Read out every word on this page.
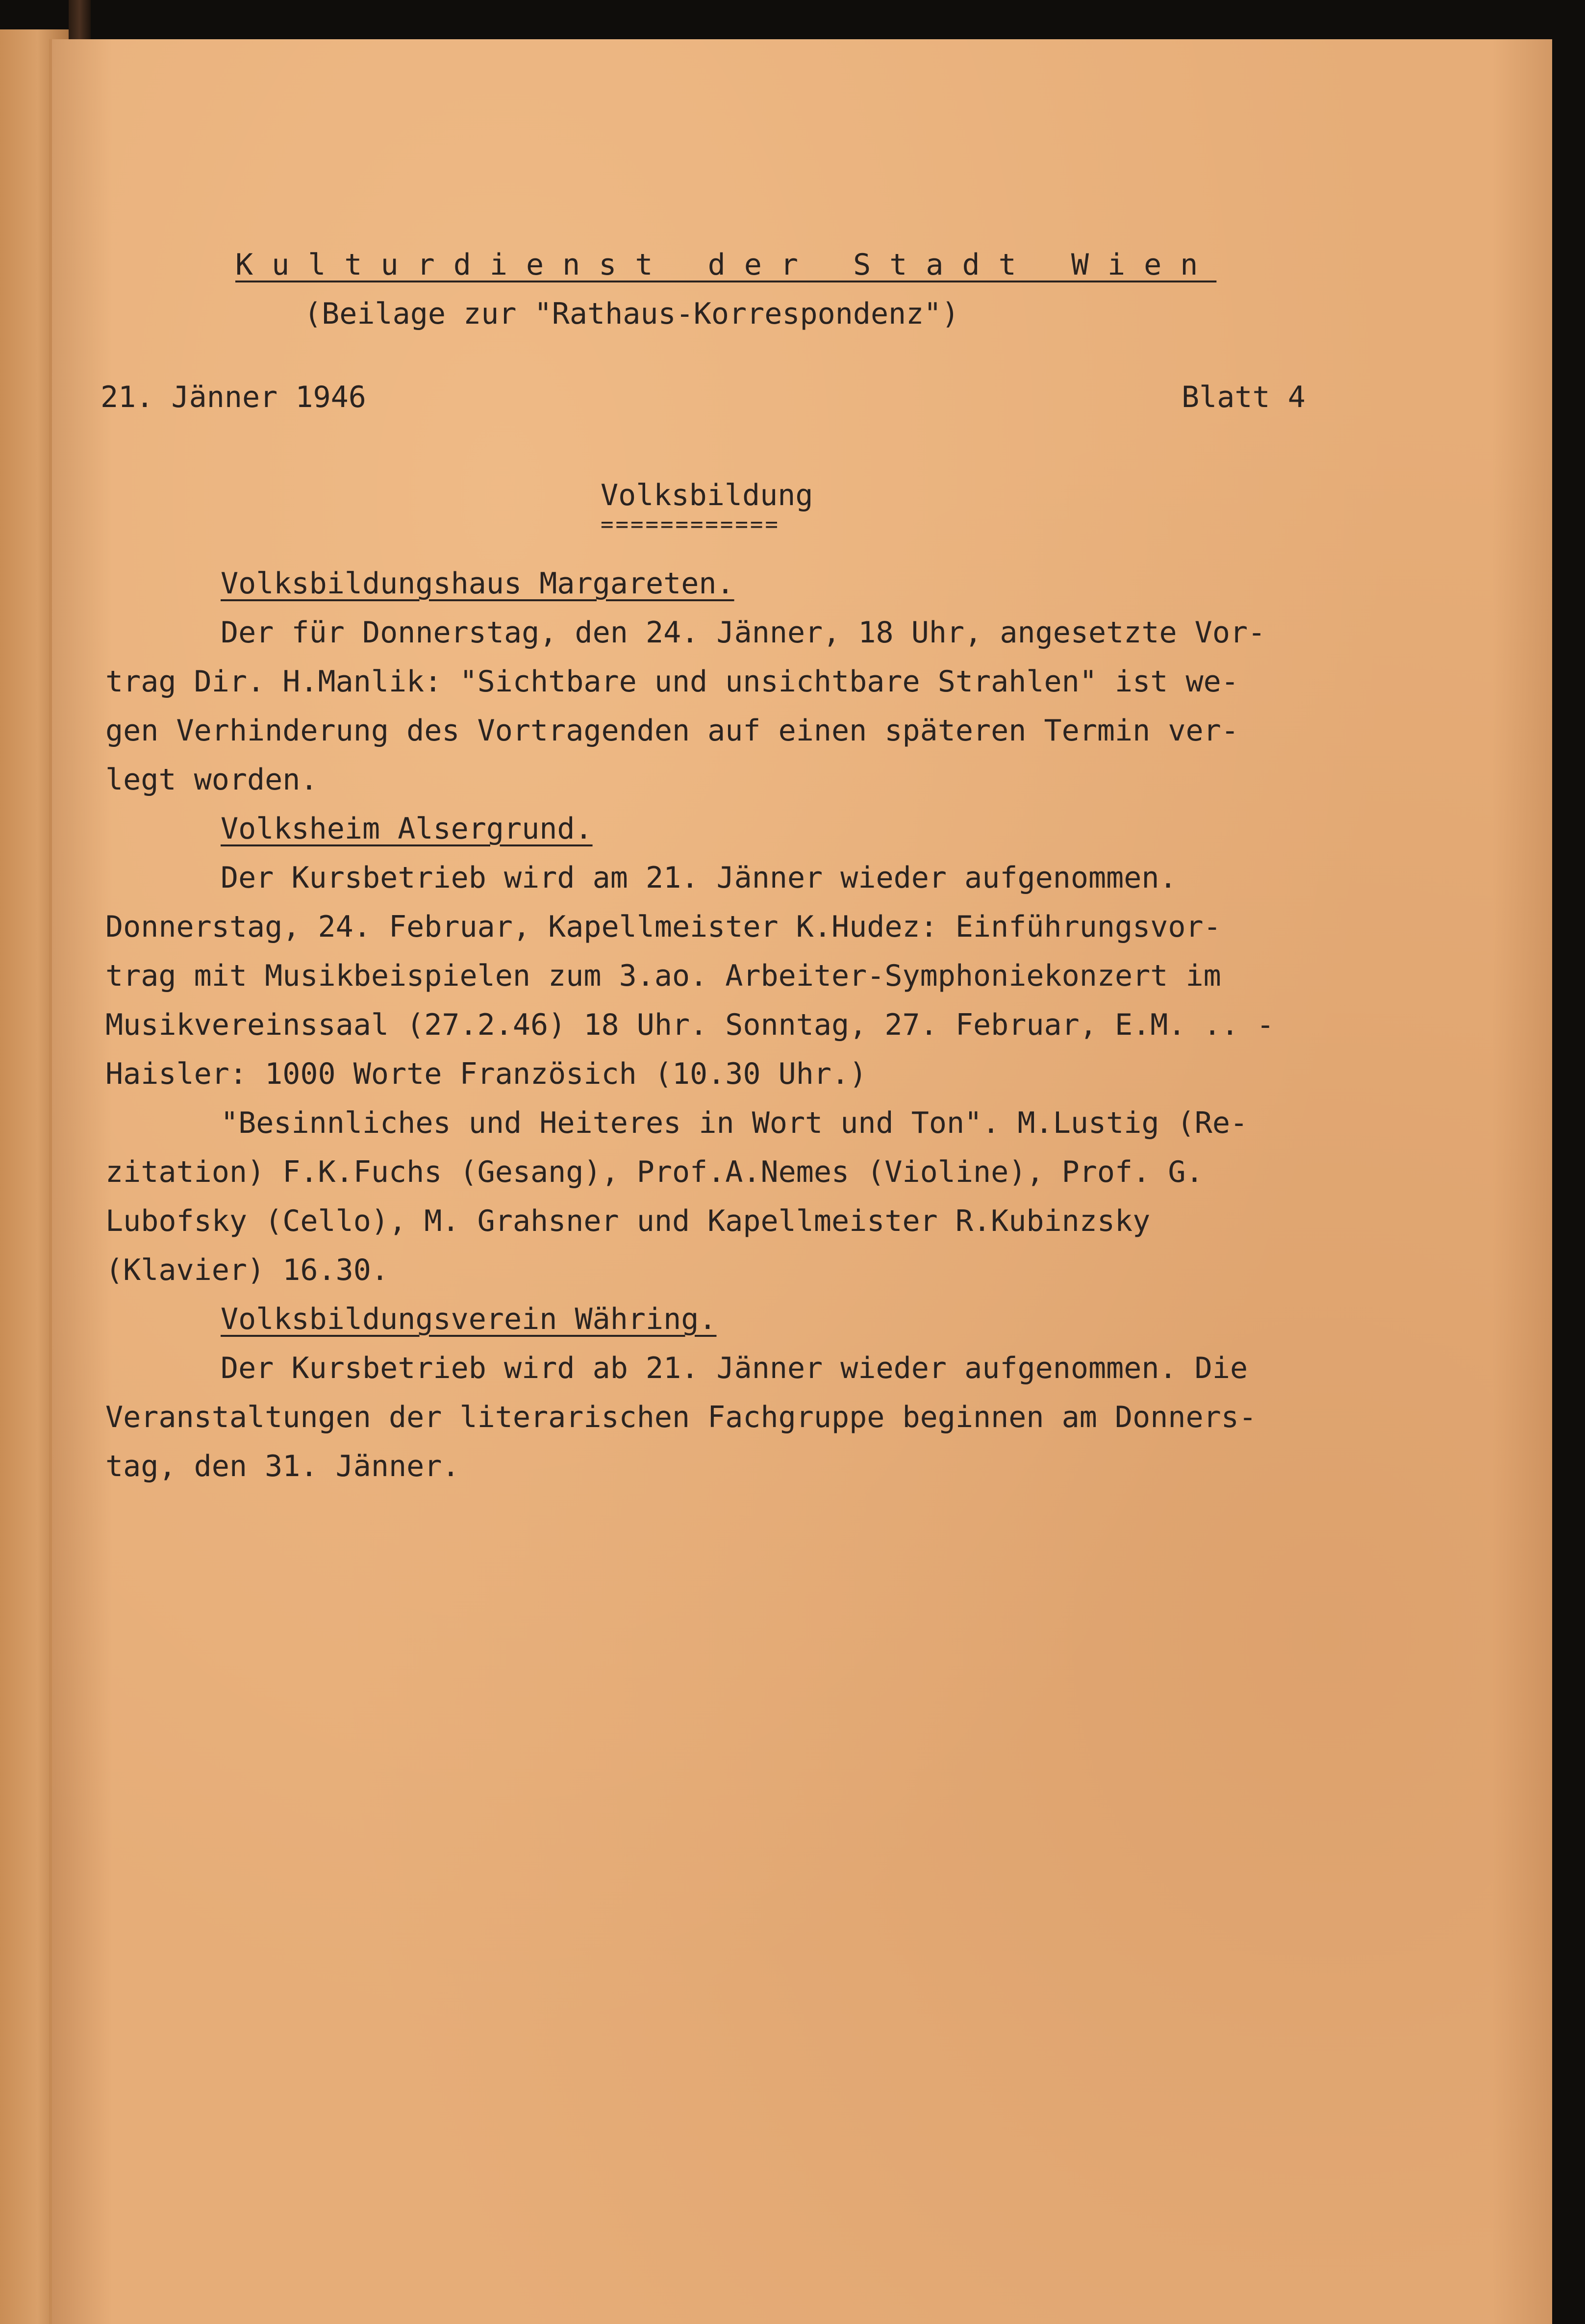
Kulturdienst der Stadt Wien
(Beilage zur "Rathaus-Korrespondenz")
21. Jänner 1946	Blatt 4
Volksbildung
============
Volksbildungshaus Margareten.
Der für Donnerstag, den 24. Jänner, 18 Uhr, angesetzte Vor-
trag Dir. H.Manlik: "Sichtbare und unsichtbare Strahlen" ist we-
gen Verhinderung des Vortragenden auf einen späteren Termin ver-
legt worden.
Volksheim Alsergrund.
Der Kursbetrieb wird am 21. Jänner wieder aufgenommen.
Donnerstag, 24. Februar, Kapellmeister K.Hudez: Einführungsvor-
trag mit Musikbeispielen zum 3.ao. Arbeiter-Symphoniekonzert im
Musikvereinssaal (27.2.46) 18 Uhr. Sonntag, 27. Februar, E.M. .. -
Haisler: 1000 Worte Französich (10.30 Uhr.)
"Besinnliches und Heiteres in Wort und Ton". M.Lustig (Re-
zitation) F.K.Fuchs (Gesang), Prof.A.Nemes (Violine), Prof. G.
Lubofsky (Cello), M. Grahsner und Kapellmeister R.Kubinzsky
(Klavier) 16.30.
Volksbildungsverein Währing.
Der Kursbetrieb wird ab 21. Jänner wieder aufgenommen. Die
Veranstaltungen der literarischen Fachgruppe beginnen am Donners-
tag, den 31. Jänner.
